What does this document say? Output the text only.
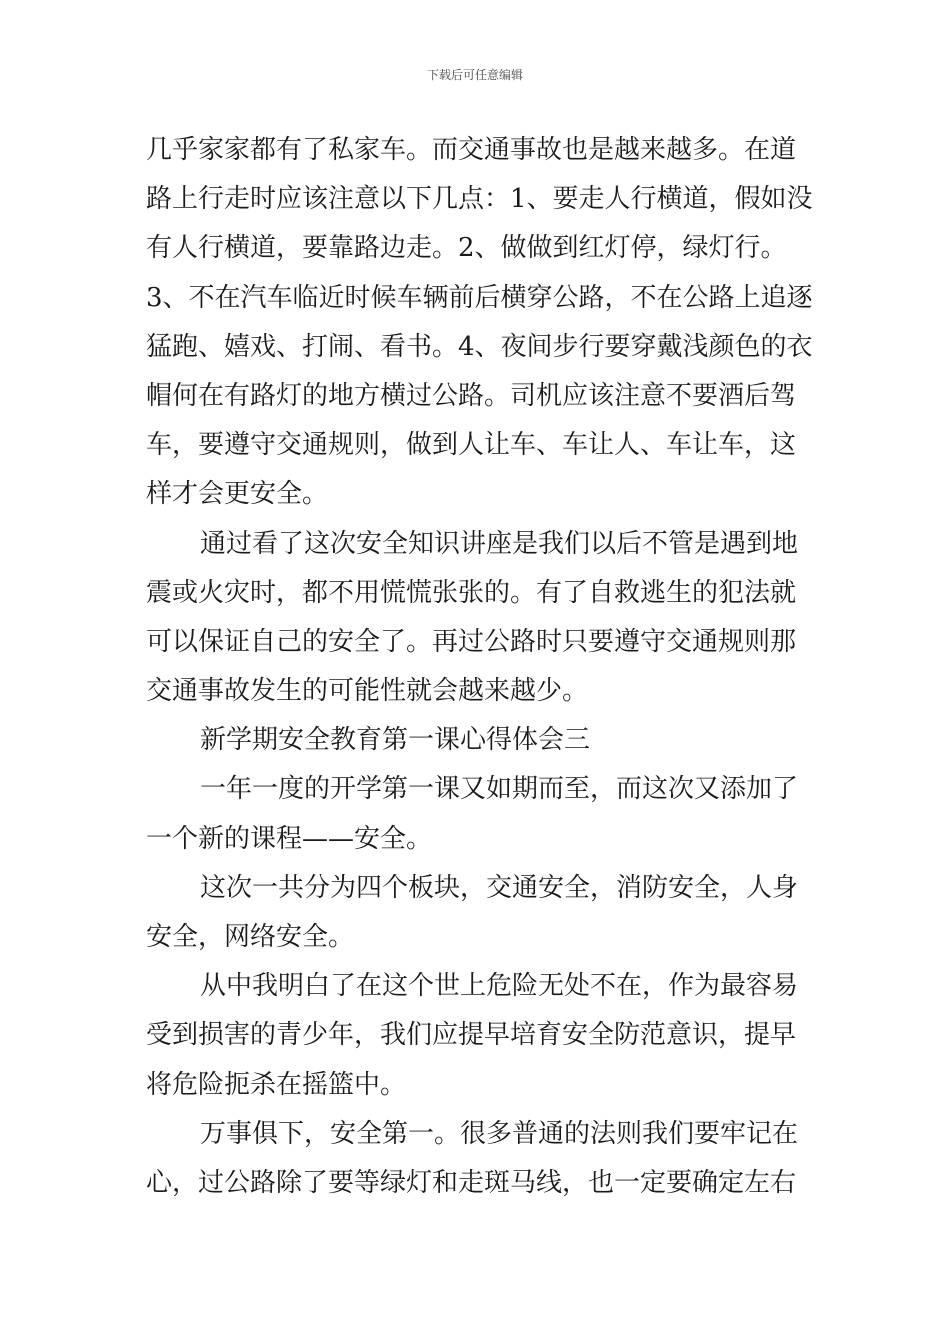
下载后可任意编辑
几乎家家都有了私家车。而交通事故也是越来越多。在道
路上行走时应该注意以下几点：1、要走人行横道，假如没
有人行横道，要靠路边走。2、做做到红灯停，绿灯行。
3、不在汽车临近时候车辆前后横穿公路，不在公路上追逐
猛跑、嬉戏、打闹、看书。4、夜间步行要穿戴浅颜色的衣
帽何在有路灯的地方横过公路。司机应该注意不要酒后驾
车，要遵守交通规则，做到人让车、车让人、车让车，这
样才会更安全。
通过看了这次安全知识讲座是我们以后不管是遇到地
震或火灾时，都不用慌慌张张的。有了自救逃生的犯法就
可以保证自己的安全了。再过公路时只要遵守交通规则那
交通事故发生的可能性就会越来越少。
新学期安全教育第一课心得体会三
一年一度的开学第一课又如期而至，而这次又添加了
一个新的课程——安全。
这次一共分为四个板块，交通安全，消防安全，人身
安全，网络安全。
从中我明白了在这个世上危险无处不在，作为最容易
受到损害的青少年，我们应提早培育安全防范意识，提早
将危险扼杀在摇篮中。
万事俱下，安全第一。很多普通的法则我们要牢记在
心，过公路除了要等绿灯和走斑马线，也一定要确定左右
